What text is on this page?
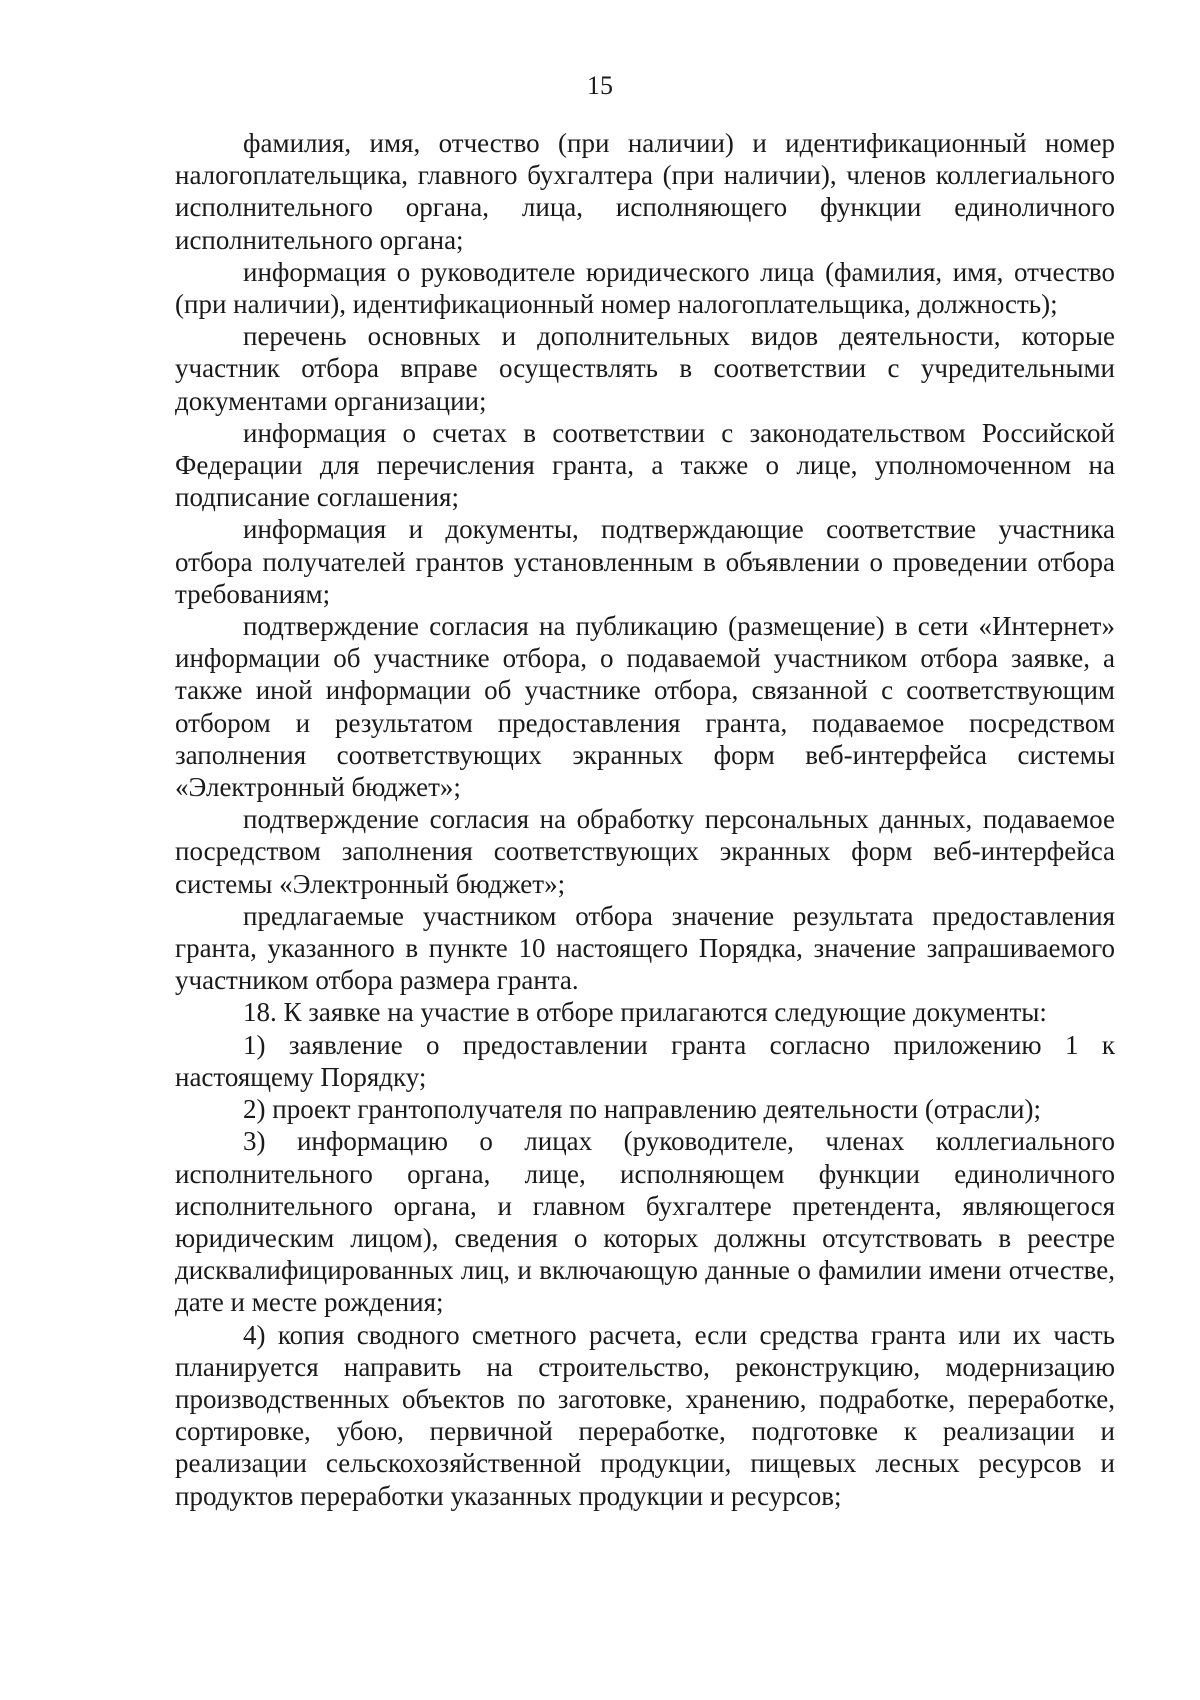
15

фамилия, имя, отчество (при наличии) и идентификационный номер налогоплательщика, главного бухгалтера (при наличии), членов коллегиального исполнительного органа, лица, исполняющего функции единоличного исполнительного органа;

информация о руководителе юридического лица (фамилия, имя, отчество (при наличии), идентификационный номер налогоплательщика, должность);

перечень основных и дополнительных видов деятельности, которые участник отбора вправе осуществлять в соответствии с учредительными документами организации;

информация о счетах в соответствии с законодательством Российской Федерации для перечисления гранта, а также о лице, уполномоченном на подписание соглашения;

информация и документы, подтверждающие соответствие участника отбора получателей грантов установленным в объявлении о проведении отбора требованиям;

подтверждение согласия на публикацию (размещение) в сети «Интернет» информации об участнике отбора, о подаваемой участником отбора заявке, а также иной информации об участнике отбора, связанной с соответствующим отбором и результатом предоставления гранта, подаваемое посредством заполнения соответствующих экранных форм веб-интерфейса системы «Электронный бюджет»;

подтверждение согласия на обработку персональных данных, подаваемое посредством заполнения соответствующих экранных форм веб-интерфейса системы «Электронный бюджет»;

предлагаемые участником отбора значение результата предоставления гранта, указанного в пункте 10 настоящего Порядка, значение запрашиваемого участником отбора размера гранта.

18. К заявке на участие в отборе прилагаются следующие документы:

1) заявление о предоставлении гранта согласно приложению 1 к настоящему Порядку;

2) проект грантополучателя по направлению деятельности (отрасли);

3) информацию о лицах (руководителе, членах коллегиального исполнительного органа, лице, исполняющем функции единоличного исполнительного органа, и главном бухгалтере претендента, являющегося юридическим лицом), сведения о которых должны отсутствовать в реестре дисквалифицированных лиц, и включающую данные о фамилии имени отчестве, дате и месте рождения;

4) копия сводного сметного расчета, если средства гранта или их часть планируется направить на строительство, реконструкцию, модернизацию производственных объектов по заготовке, хранению, подработке, переработке, сортировке, убою, первичной переработке, подготовке к реализации и реализации сельскохозяйственной продукции, пищевых лесных ресурсов и продуктов переработки указанных продукции и ресурсов;
